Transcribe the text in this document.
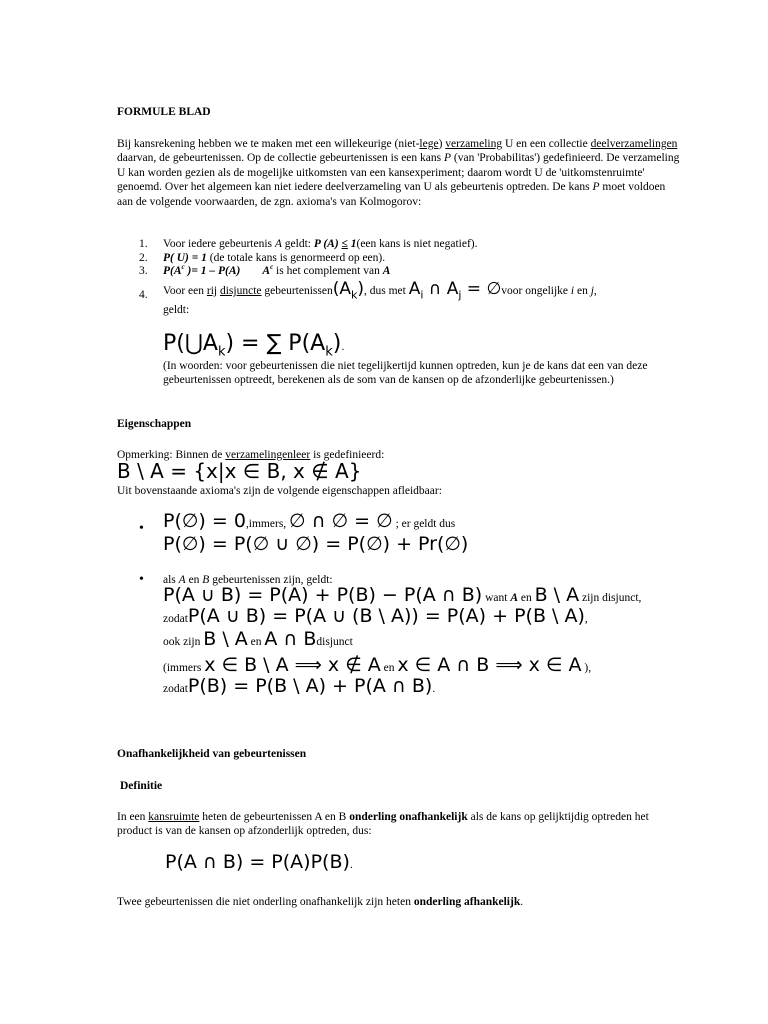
FORMULE BLAD
Bij kansrekening hebben we te maken met een willekeurige (niet-lege) verzameling U en een collectie deelverzamelingen daarvan, de gebeurtenissen. Op de collectie gebeurtenissen is een kans P (van 'Probabilitas') gedefinieerd. De verzameling U kan worden gezien als de mogelijke uitkomsten van een kansexperiment; daarom wordt U de 'uitkomstenruimte' genoemd. Over het algemeen kan niet iedere deelverzameling van U als gebeurtenis optreden. De kans P moet voldoen aan de volgende voorwaarden, de zgn. axioma's van Kolmogorov:
1. Voor iedere gebeurtenis A geldt: P (A) ≤ 1(een kans is niet negatief).
2. P( U) = 1 (de totale kans is genormeerd op een).
3. $P(A^c$ )= 1 – P(A) $A^c$ is het complement van A
4. Voor een rij disjuncte $gebeurtenissen(A_k)$, dus met $A_i$ ∩ $A_j$ = ∅voor ongelijke i en j,
geldt:
$P(⋃A_k)$ = ∑ $P(A_k)$.
(In woorden: voor gebeurtenissen die niet tegelijkertijd kunnen optreden, kun je de kans dat een van deze gebeurtenissen optreedt, berekenen als de som van de kansen op de afzonderlijke gebeurtenissen.)
Eigenschappen
Opmerking: Binnen de verzamelingenleer is gedefinieerd:
B \ A = {x|x ∈ B, x ∉ A}
Uit bovenstaande axioma's zijn de volgende eigenschappen afleidbaar:
• P(∅) = 0,immers, ∅ ∩ ∅ = ∅ ; er geldt dus
P(∅) = P(∅ ∪ ∅) = P(∅) + Pr(∅)
• als A en B gebeurtenissen zijn, geldt:
P(A ∪ B) = P(A) + P(B) − P(A ∩ B) want A en B \ A zijn disjunct,
zodatP(A ∪ B) = P(A ∪ (B \ A)) = P(A) + P(B \ A),
ook zijn B \ A en A ∩ Bdisjunct
(immers x ∈ B \ A ⟹ x ∉ A en x ∈ A ∩ B ⟹ x ∈ A ),
zodatP(B) = P(B \ A) + P(A ∩ B).
Onafhankelijkheid van gebeurtenissen
Definitie
In een kansruimte heten de gebeurtenissen A en B onderling onafhankelijk als de kans op gelijktijdig optreden het product is van de kansen op afzonderlijk optreden, dus:
P(A ∩ B) = P(A)P(B).
Twee gebeurtenissen die niet onderling onafhankelijk zijn heten onderling afhankelijk.
